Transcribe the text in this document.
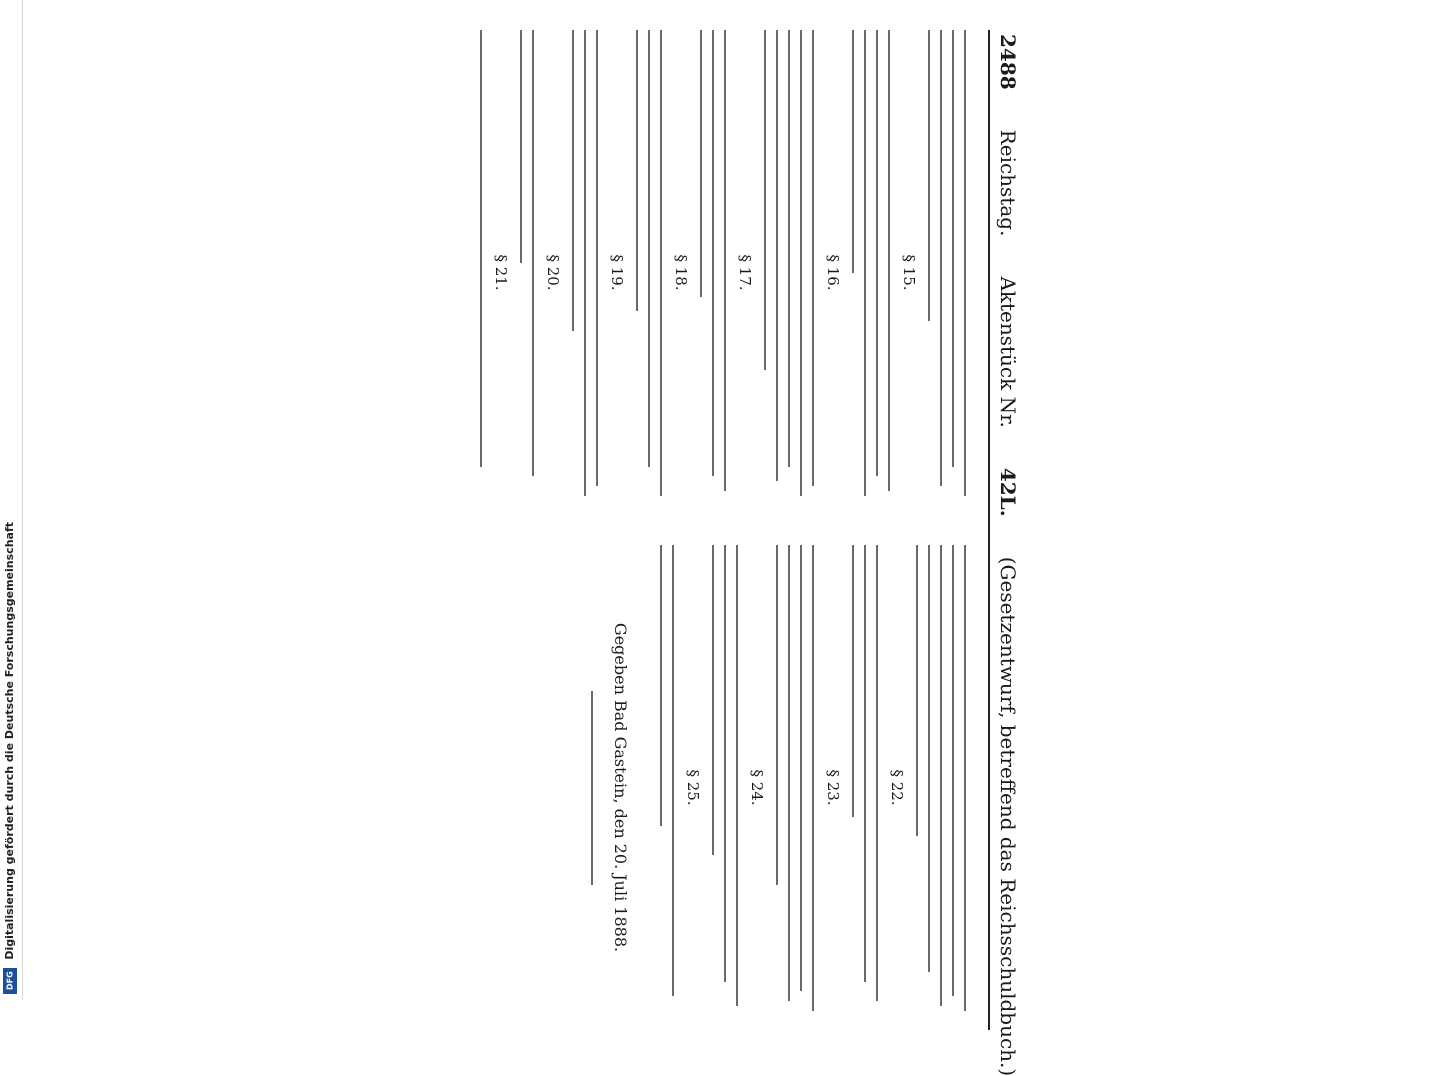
Digitalisierung gefördert durch die Deutsche Forschungsgemeinschaft
DFG
2488
Reichstag.
Aktenstück Nr.
42L.
(Gesetzentwurf, betreffend das Reichsschuldbuch.)
§ 15.
§ 16.
§ 17.
§ 18.
§ 19.
§ 20.
§ 21.
§ 22.
§ 23.
§ 24.
§ 25.
Gegeben Bad Gastein, den 20. Juli 1888.
